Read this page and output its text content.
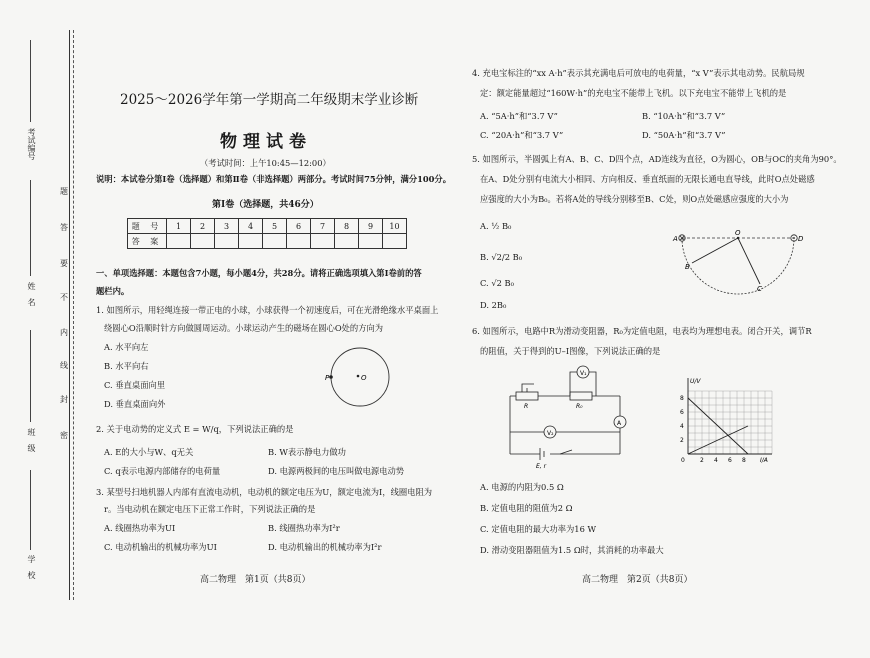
考试编号
姓　名
班　级
学　校
题
答
要
不
内
线
封
密
2025～2026学年第一学期高二年级期末学业诊断
物理试卷
（考试时间：上午10:45—12:00）
说明：本试卷分第Ⅰ卷（选择题）和第Ⅱ卷（非选择题）两部分。考试时间75分钟，满分100分。
第Ⅰ卷（选择题，共46分）
题 号	1	2	3	4	5	6	7	8	9	10
答 案										
一、单项选择题：本题包含7小题，每小题4分，共28分。请将正确选项填入第Ⅰ卷前的答
题栏内。
1. 如图所示，用轻绳连接一带正电的小球，小球获得一个初速度后，可在光滑绝缘水平桌面上
绕圆心O沿顺时针方向做圆周运动。小球运动产生的磁场在圆心O处的方向为
A. 水平向左
B. 水平向右
C. 垂直桌面向里
D. 垂直桌面向外
O
P
2. 关于电动势的定义式 E = W/q，下列说法正确的是
A. E的大小与W、q无关	B. W表示静电力做功
C. q表示电源内部储存的电荷量	D. 电源两极间的电压叫做电源电动势
3. 某型号扫地机器人内部有直流电动机，电动机的额定电压为U，额定电流为I，线圈电阻为
r。当电动机在额定电压下正常工作时，下列说法正确的是
A. 线圈热功率为UI	B. 线圈热功率为I²r
C. 电动机输出的机械功率为UI	D. 电动机输出的机械功率为I²r
高二物理　第1页（共8页）
4. 充电宝标注的“xx A·h”表示其充满电后可放电的电荷量，“x V”表示其电动势。民航局规
定：额定能量超过“160W·h”的充电宝不能带上飞机。以下充电宝不能带上飞机的是
A. “5A·h”和“3.7 V”	B. “10A·h”和“3.7 V”
C. “20A·h”和“3.7 V”	D. “50A·h”和“3.7 V”
5. 如图所示，半圆弧上有A、B、C、D四个点，AD连线为直径，O为圆心，OB与OC的夹角为90°。
在A、D处分别有电流大小相同、方向相反、垂直纸面的无限长通电直导线，此时O点处磁感
应强度的大小为B₀。若将A处的导线分别移至B、C处，则O点处磁感应强度的大小为
A. ½ B₀
B. √2/2 B₀
C. √2 B₀
D. 2B₀
A	D
O
B
C
6. 如图所示，电路中R为滑动变阻器，R₀为定值电阻，电表均为理想电表。闭合开关，调节R
的阻值，关于得到的U–I图像，下列说法正确的是
V₁
V₂
A
R	R₀
E, r
U/V
I/A
8
6
4
2
2 4 6 8
0
A. 电源的内阻为0.5 Ω
B. 定值电阻的阻值为2 Ω
C. 定值电阻的最大功率为16 W
D. 滑动变阻器阻值为1.5 Ω时，其消耗的功率最大
高二物理　第2页（共8页）
